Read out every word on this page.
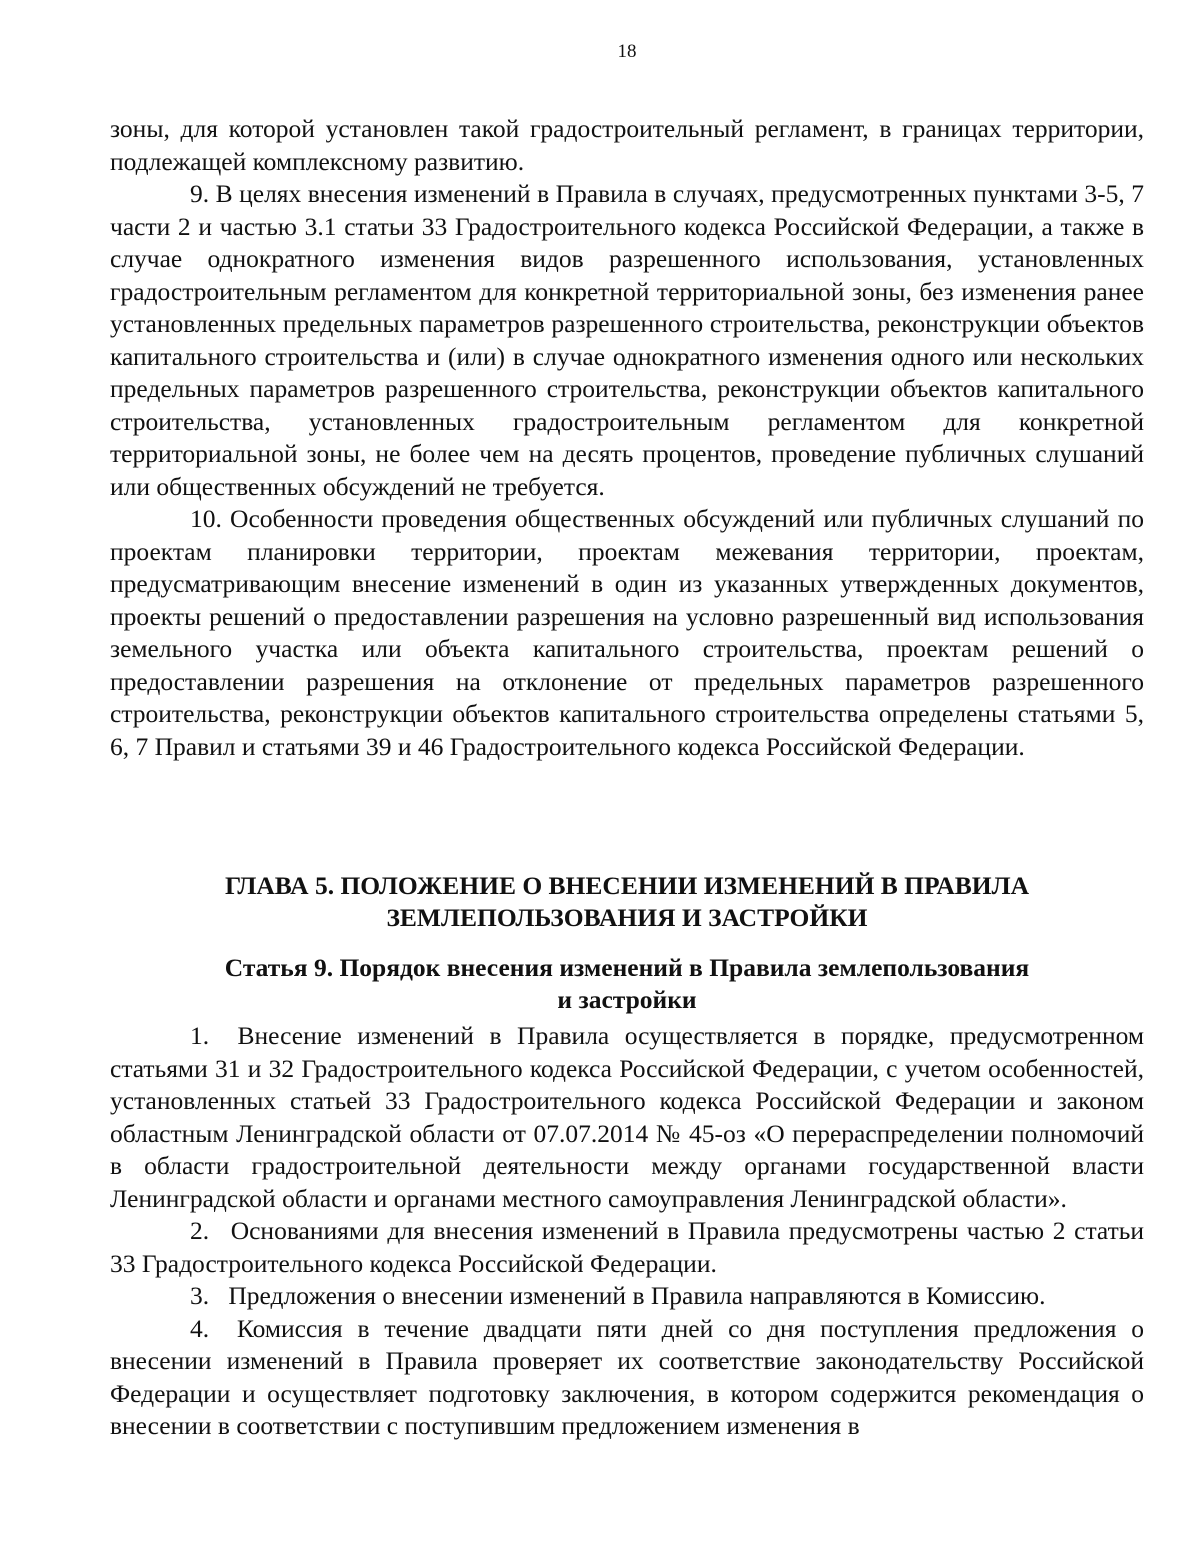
18

зоны, для которой установлен такой градостроительный регламент, в границах территории, подлежащей комплексному развитию.

9. В целях внесения изменений в Правила в случаях, предусмотренных пунктами 3-5, 7 части 2 и частью 3.1 статьи 33 Градостроительного кодекса Российской Федерации, а также в случае однократного изменения видов разрешенного использования, установленных градостроительным регламентом для конкретной территориальной зоны, без изменения ранее установленных предельных параметров разрешенного строительства, реконструкции объектов капитального строительства и (или) в случае однократного изменения одного или нескольких предельных параметров разрешенного строительства, реконструкции объектов капитального строительства, установленных градостроительным регламентом для конкретной территориальной зоны, не более чем на десять процентов, проведение публичных слушаний или общественных обсуждений не требуется.

10. Особенности проведения общественных обсуждений или публичных слушаний по проектам планировки территории, проектам межевания территории, проектам, предусматривающим внесение изменений в один из указанных утвержденных документов, проекты решений о предоставлении разрешения на условно разрешенный вид использования земельного участка или объекта капитального строительства, проектам решений о предоставлении разрешения на отклонение от предельных параметров разрешенного строительства, реконструкции объектов капитального строительства определены статьями 5, 6, 7 Правил и статьями 39 и 46 Градостроительного кодекса Российской Федерации.

ГЛАВА 5. ПОЛОЖЕНИЕ О ВНЕСЕНИИ ИЗМЕНЕНИЙ В ПРАВИЛА
ЗЕМЛЕПОЛЬЗОВАНИЯ И ЗАСТРОЙКИ

Статья 9. Порядок внесения изменений в Правила землепользования
и застройки

1. Внесение изменений в Правила осуществляется в порядке, предусмотренном статьями 31 и 32 Градостроительного кодекса Российской Федерации, с учетом особенностей, установленных статьей 33 Градостроительного кодекса Российской Федерации и законом областным Ленинградской области от 07.07.2014 № 45-оз «О перераспределении полномочий в области градостроительной деятельности между органами государственной власти Ленинградской области и органами местного самоуправления Ленинградской области».

2. Основаниями для внесения изменений в Правила предусмотрены частью 2 статьи 33 Градостроительного кодекса Российской Федерации.

3. Предложения о внесении изменений в Правила направляются в Комиссию.

4. Комиссия в течение двадцати пяти дней со дня поступления предложения о внесении изменений в Правила проверяет их соответствие законодательству Российской Федерации и осуществляет подготовку заключения, в котором содержится рекомендация о внесении в соответствии с поступившим предложением изменения в
